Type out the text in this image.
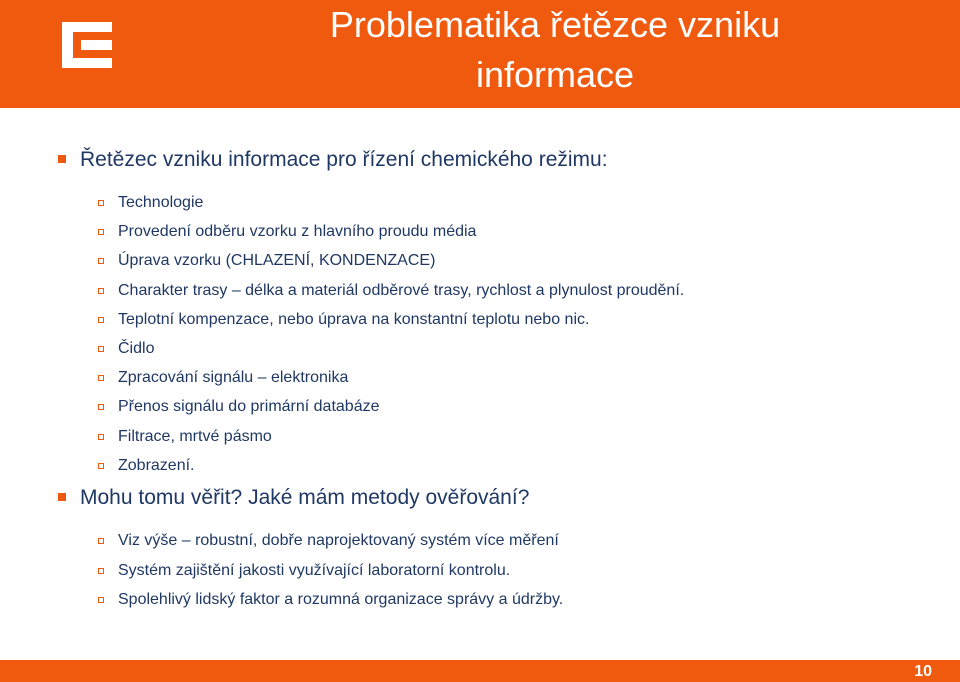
Problematika řetězce vzniku
informace
Řetězec vzniku informace pro řízení chemického režimu:
Technologie
Provedení odběru vzorku z hlavního proudu média
Úprava vzorku (CHLAZENÍ, KONDENZACE)
Charakter trasy – délka a materiál odběrové trasy, rychlost a plynulost proudění.
Teplotní kompenzace, nebo úprava na konstantní teplotu nebo nic.
Čidlo
Zpracování signálu – elektronika
Přenos signálu do primární databáze
Filtrace, mrtvé pásmo
Zobrazení.
Mohu tomu věřit? Jaké mám metody ověřování?
Viz výše – robustní, dobře naprojektovaný systém více měření
Systém zajištění jakosti využívající laboratorní kontrolu.
Spolehlivý lidský faktor a rozumná organizace správy a údržby.
10
